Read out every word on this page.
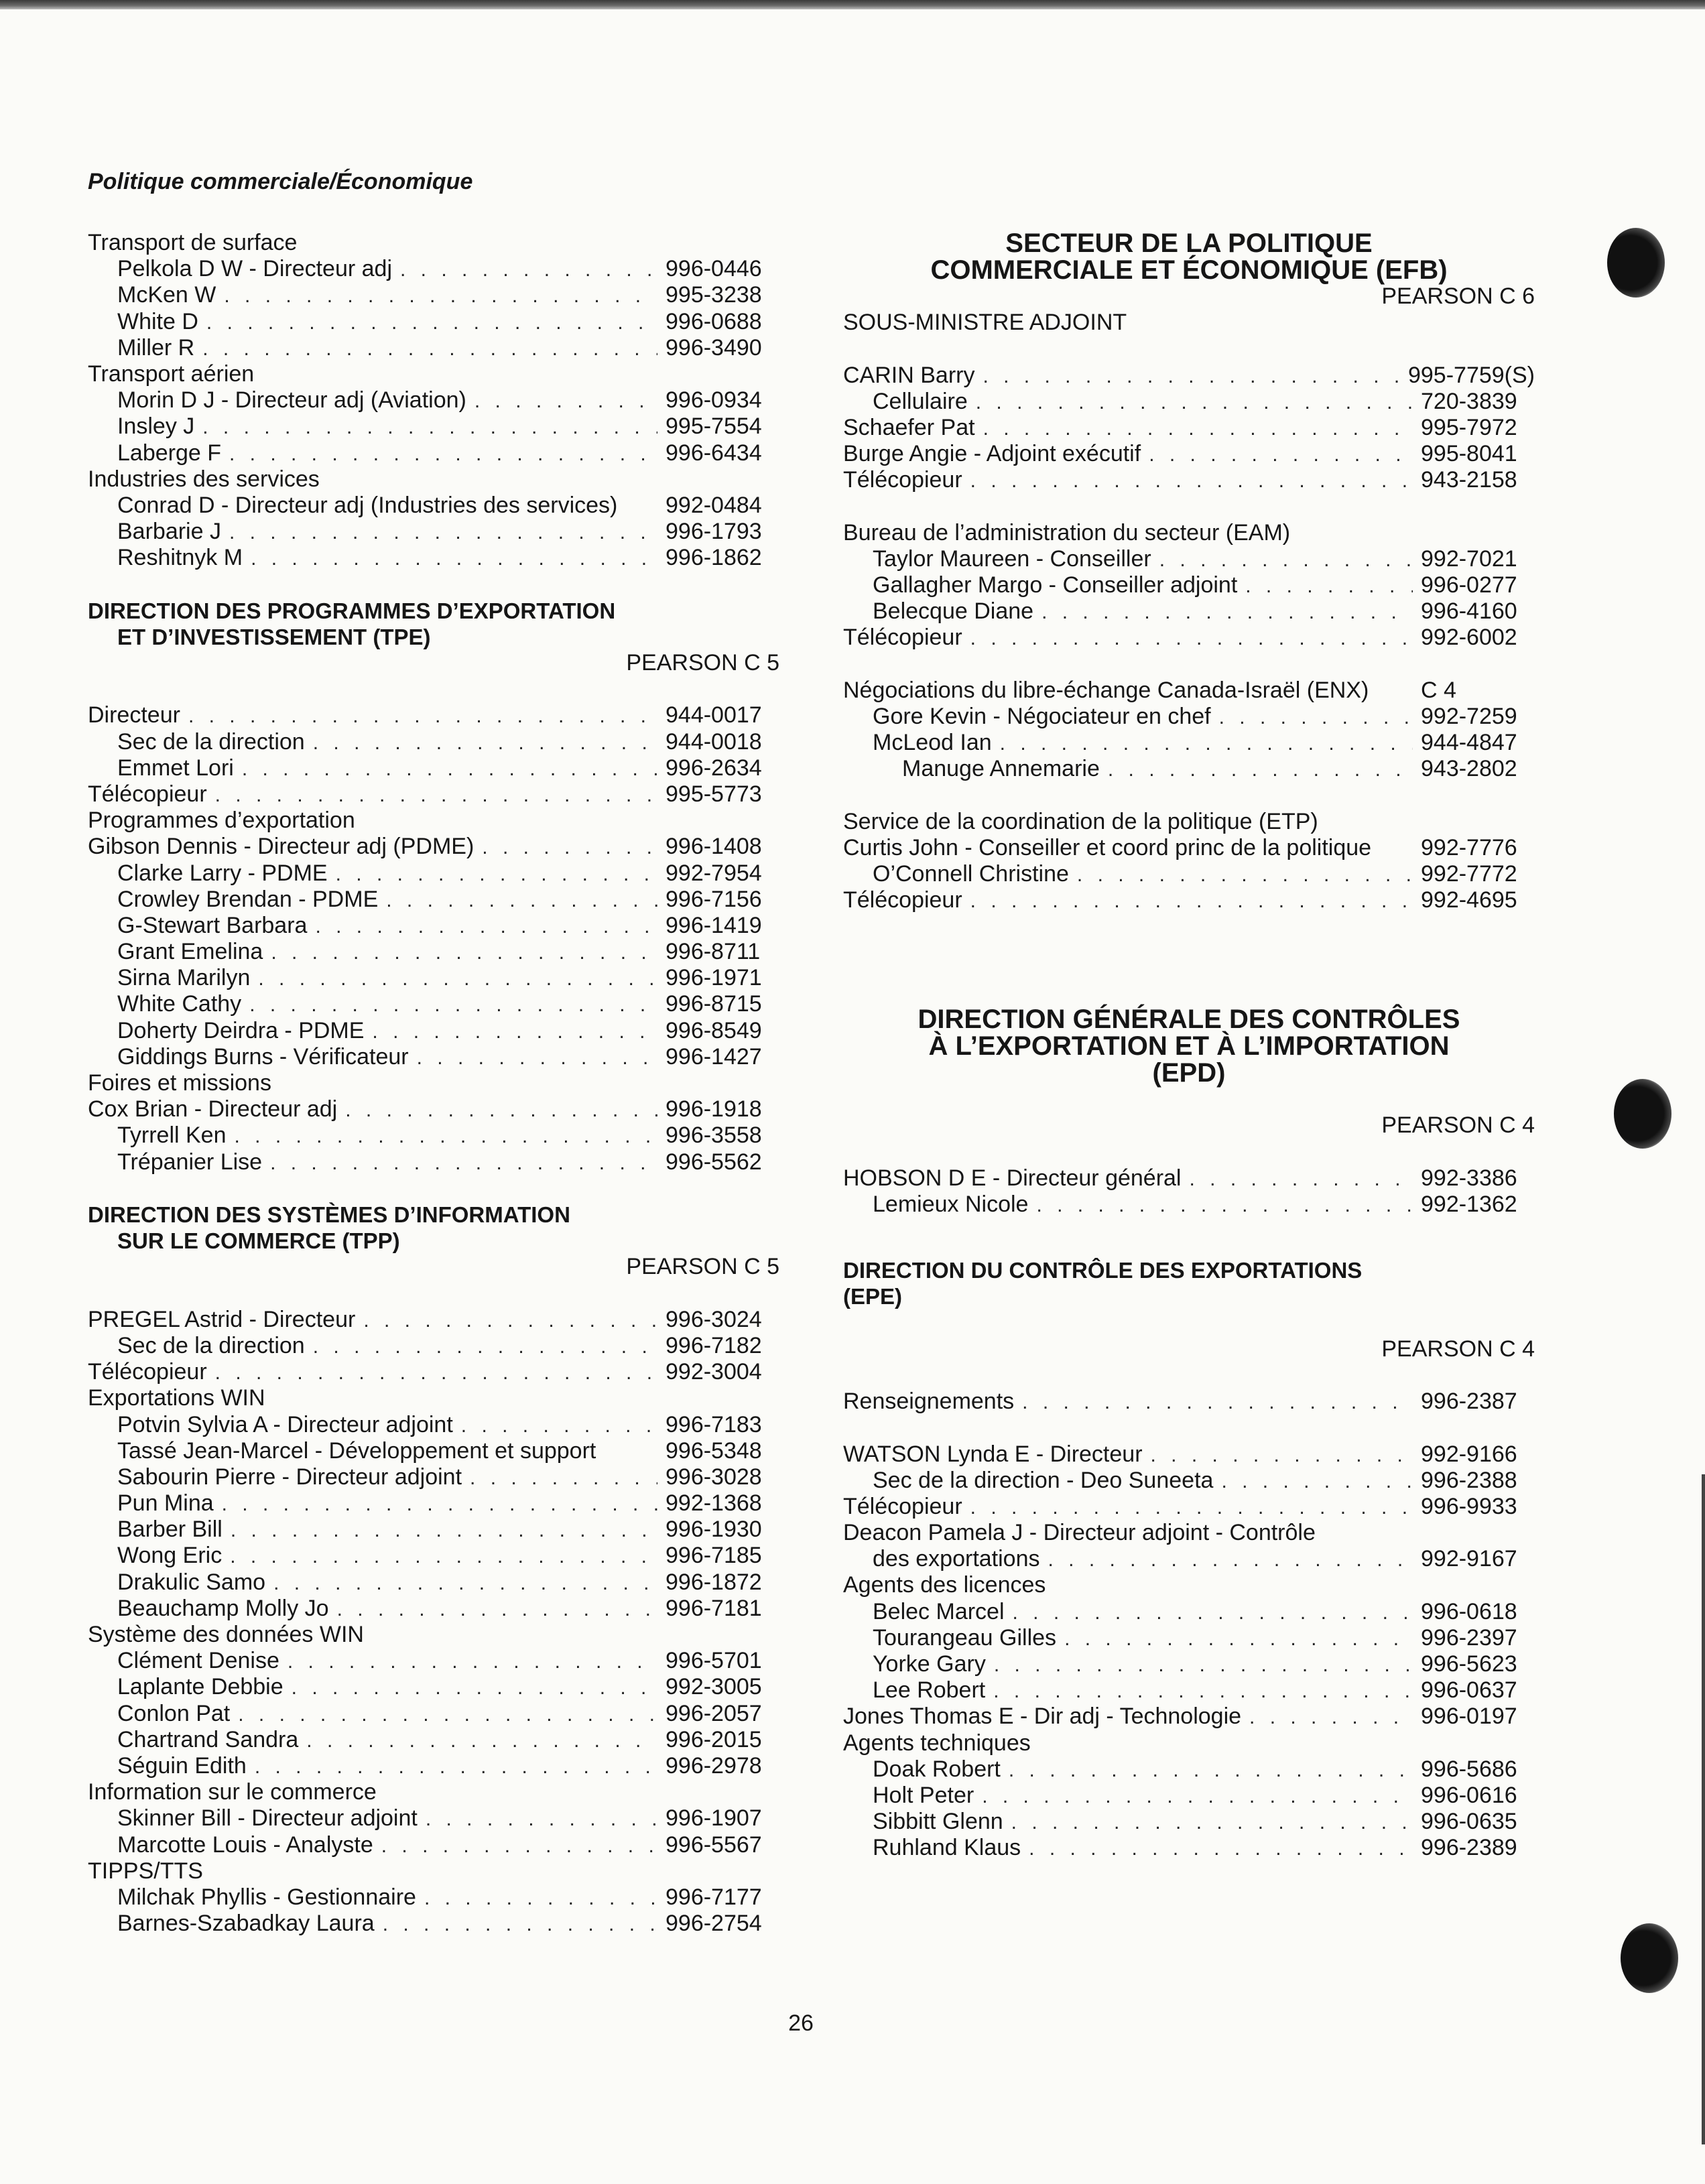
Politique commerciale/Économique
Transport de surface
Pelkola D W - Directeur adj . . .	996-0446
McKen W . . .	995-3238
White D . . .	996-0688
Miller R . . .	996-3490
Transport aérien
Morin D J - Directeur adj (Aviation) . . .	996-0934
Insley J . . .	995-7554
Laberge F . . .	996-6434
Industries des services
Conrad D - Directeur adj (Industries des services) 992-0484
Barbarie J . . .	996-1793
Reshitnyk M . . .	996-1862
DIRECTION DES PROGRAMMES D’EXPORTATION
ET D’INVESTISSEMENT (TPE)
PEARSON C 5
Directeur . . .	944-0017
Sec de la direction . . .	944-0018
Emmet Lori . . .	996-2634
Télécopieur . . .	995-5773
Programmes d’exportation
Gibson Dennis - Directeur adj (PDME) . . .	996-1408
Clarke Larry - PDME . . .	992-7954
Crowley Brendan - PDME . . .	996-7156
G-Stewart Barbara . . .	996-1419
Grant Emelina . . .	996-8711
Sirna Marilyn . . .	996-1971
White Cathy . . .	996-8715
Doherty Deirdra - PDME . . .	996-8549
Giddings Burns - Vérificateur . . .	996-1427
Foires et missions
Cox Brian - Directeur adj . . .	996-1918
Tyrrell Ken . . .	996-3558
Trépanier Lise . . .	996-5562
DIRECTION DES SYSTÈMES D’INFORMATION
SUR LE COMMERCE (TPP)
PEARSON C 5
PREGEL Astrid - Directeur . . .	996-3024
Sec de la direction . . .	996-7182
Télécopieur . . .	992-3004
Exportations WIN
Potvin Sylvia A - Directeur adjoint . . .	996-7183
Tassé Jean-Marcel - Développement et support	996-5348
Sabourin Pierre - Directeur adjoint . . .	996-3028
Pun Mina . . .	992-1368
Barber Bill . . .	996-1930
Wong Eric . . .	996-7185
Drakulic Samo . . .	996-1872
Beauchamp Molly Jo . . .	996-7181
Système des données WIN
Clément Denise . . .	996-5701
Laplante Debbie . . .	992-3005
Conlon Pat . . .	996-2057
Chartrand Sandra . . .	996-2015
Séguin Edith . . .	996-2978
Information sur le commerce
Skinner Bill - Directeur adjoint . . .	996-1907
Marcotte Louis - Analyste . . .	996-5567
TIPPS/TTS
Milchak Phyllis - Gestionnaire . . .	996-7177
Barnes-Szabadkay Laura . . .	996-2754
SECTEUR DE LA POLITIQUE
COMMERCIALE ET ÉCONOMIQUE (EFB)
PEARSON C 6
SOUS-MINISTRE ADJOINT
CARIN Barry . . .	995-7759(S)
Cellulaire . . .	720-3839
Schaefer Pat . . .	995-7972
Burge Angie - Adjoint exécutif . . .	995-8041
Télécopieur . . .	943-2158
Bureau de l’administration du secteur (EAM)
Taylor Maureen - Conseiller . . .	992-7021
Gallagher Margo - Conseiller adjoint . . .	996-0277
Belecque Diane . . .	996-4160
Télécopieur . . .	992-6002
Négociations du libre-échange Canada-Israël (ENX) C 4
Gore Kevin - Négociateur en chef . . .	992-7259
McLeod Ian . . .	944-4847
Manuge Annemarie . . .	943-2802
Service de la coordination de la politique (ETP)
Curtis John - Conseiller et coord princ de la politique 992-7776
O’Connell Christine . . .	992-7772
Télécopieur . . .	992-4695
DIRECTION GÉNÉRALE DES CONTRÔLES
À L’EXPORTATION ET À L’IMPORTATION
(EPD)
PEARSON C 4
HOBSON D E - Directeur général . . .	992-3386
Lemieux Nicole . . .	992-1362
DIRECTION DU CONTRÔLE DES EXPORTATIONS
(EPE)
PEARSON C 4
Renseignements . . .	996-2387
WATSON Lynda E - Directeur . . .	992-9166
Sec de la direction - Deo Suneeta . . .	996-2388
Télécopieur . . .	996-9933
Deacon Pamela J - Directeur adjoint - Contrôle
des exportations . . .	992-9167
Agents des licences
Belec Marcel . . .	996-0618
Tourangeau Gilles . . .	996-2397
Yorke Gary . . .	996-5623
Lee Robert . . .	996-0637
Jones Thomas E - Dir adj - Technologie . . .	996-0197
Agents techniques
Doak Robert . . .	996-5686
Holt Peter . . .	996-0616
Sibbitt Glenn . . .	996-0635
Ruhland Klaus . . .	996-2389
26
